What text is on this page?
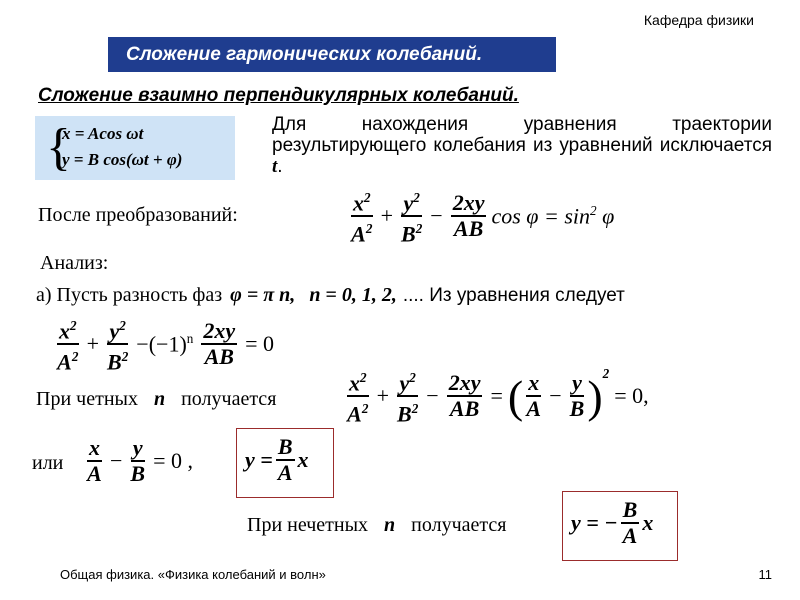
Кафедра физики
Сложение гармонических колебаний.
Сложение взаимно перпендикулярных колебаний.
{
x = Acos ωt
y = B cos(ωt + φ)
Для нахождения уравнения траектории результирующего колебания из уравнений исключается t.
После преобразований:	$\frac{x^2}{A^2} + \frac{y^2}{B^2} - \frac{2xy}{AB}$ $\cos \varphi = \sin^2 \varphi$
Анализ:
а) Пусть разность фаз φ = π n, n = 0, 1, 2, .... Из уравнения следует
$\frac{x^2}{A^2} + \frac{y^2}{B^2} -(-1)^n \frac{2xy}{AB} = 0$
При четных n получается	$\frac{x^2}{A^2} + \frac{y^2}{B^2} - \frac{2xy}{AB}$ = ( $\frac{x}{A} - \frac{y}{B} )^2$
= 0,
или $\frac{x}{A} - \frac{y}{B} = 0$ , $y = \frac{B}{A}$ x
При нечетных n получается	y = − $\frac{B}{A}$ x
Общая физика. «Физика колебаний и волн»	11
